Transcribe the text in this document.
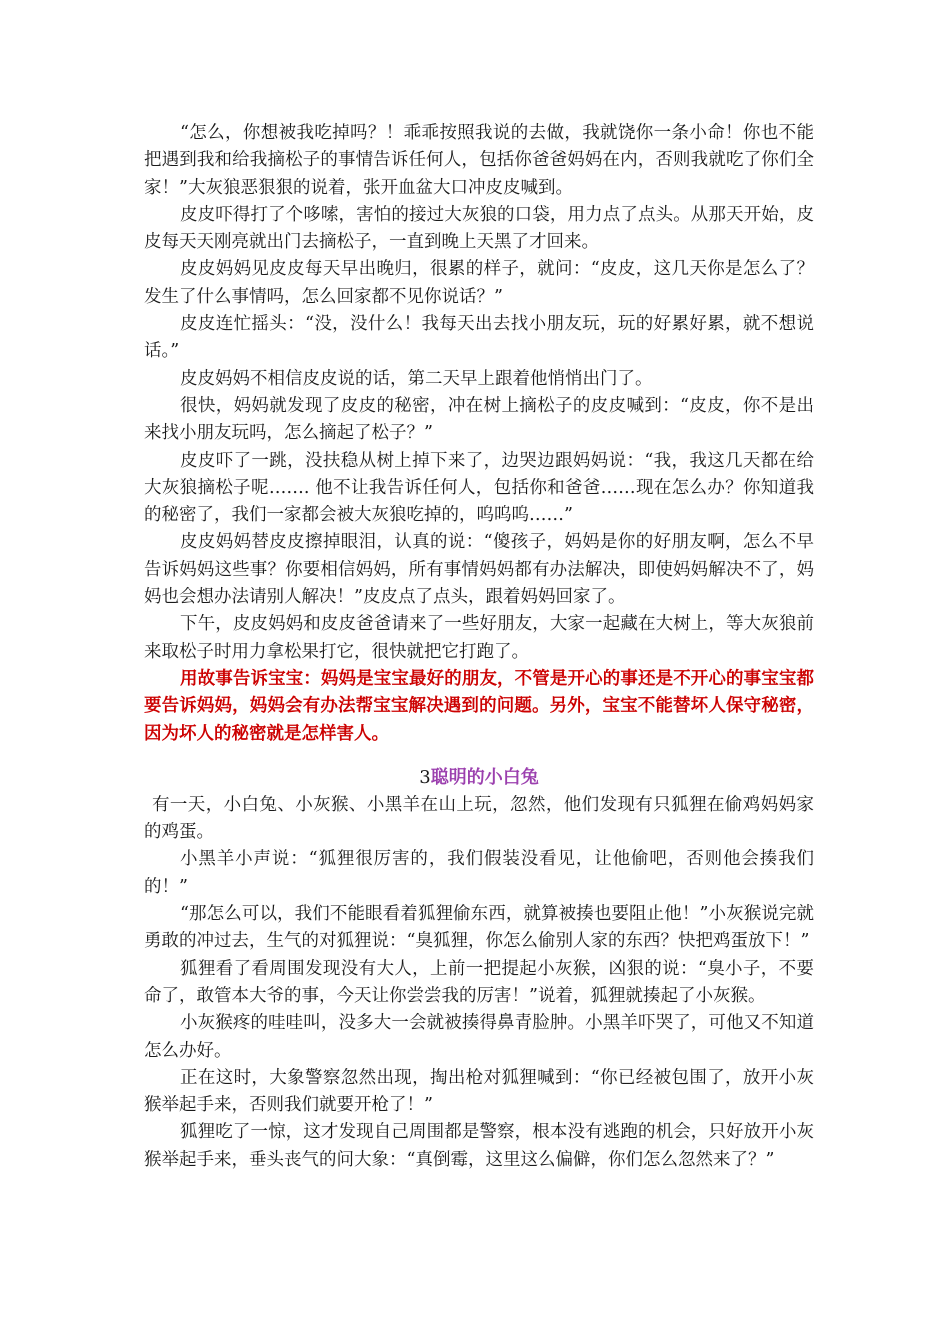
“怎么，你想被我吃掉吗？！乖乖按照我说的去做，我就饶你一条小命！你也不能把遇到我和给我摘松子的事情告诉任何人，包括你爸爸妈妈在内，否则我就吃了你们全家！”大灰狼恶狠狠的说着，张开血盆大口冲皮皮喊到。

皮皮吓得打了个哆嗦，害怕的接过大灰狼的口袋，用力点了点头。从那天开始，皮皮每天天刚亮就出门去摘松子，一直到晚上天黑了才回来。

皮皮妈妈见皮皮每天早出晚归，很累的样子，就问：“皮皮，这几天你是怎么了？发生了什么事情吗，怎么回家都不见你说话？”

皮皮连忙摇头：“没，没什么！我每天出去找小朋友玩，玩的好累好累，就不想说话。”

皮皮妈妈不相信皮皮说的话，第二天早上跟着他悄悄出门了。

很快，妈妈就发现了皮皮的秘密，冲在树上摘松子的皮皮喊到：“皮皮，你不是出来找小朋友玩吗，怎么摘起了松子？”

皮皮吓了一跳，没扶稳从树上掉下来了，边哭边跟妈妈说：“我，我这几天都在给大灰狼摘松子呢……. 他不让我告诉任何人，包括你和爸爸……现在怎么办？你知道我的秘密了，我们一家都会被大灰狼吃掉的，呜呜呜……”

皮皮妈妈替皮皮擦掉眼泪，认真的说：“傻孩子，妈妈是你的好朋友啊，怎么不早告诉妈妈这些事？你要相信妈妈，所有事情妈妈都有办法解决，即使妈妈解决不了，妈妈也会想办法请别人解决！”皮皮点了点头，跟着妈妈回家了。

下午，皮皮妈妈和皮皮爸爸请来了一些好朋友，大家一起藏在大树上，等大灰狼前来取松子时用力拿松果打它，很快就把它打跑了。

用故事告诉宝宝：妈妈是宝宝最好的朋友，不管是开心的事还是不开心的事宝宝都要告诉妈妈，妈妈会有办法帮宝宝解决遇到的问题。另外，宝宝不能替坏人保守秘密，因为坏人的秘密就是怎样害人。

3聪明的小白兔

有一天，小白兔、小灰猴、小黑羊在山上玩，忽然，他们发现有只狐狸在偷鸡妈妈家的鸡蛋。

小黑羊小声说：“狐狸很厉害的，我们假装没看见，让他偷吧，否则他会揍我们的！”

“那怎么可以，我们不能眼看着狐狸偷东西，就算被揍也要阻止他！”小灰猴说完就勇敢的冲过去，生气的对狐狸说：“臭狐狸，你怎么偷别人家的东西？快把鸡蛋放下！”

狐狸看了看周围发现没有大人，上前一把提起小灰猴，凶狠的说：“臭小子，不要命了，敢管本大爷的事，今天让你尝尝我的厉害！”说着，狐狸就揍起了小灰猴。

小灰猴疼的哇哇叫，没多大一会就被揍得鼻青脸肿。小黑羊吓哭了，可他又不知道怎么办好。

正在这时，大象警察忽然出现，掏出枪对狐狸喊到：“你已经被包围了，放开小灰猴举起手来，否则我们就要开枪了！”

狐狸吃了一惊，这才发现自己周围都是警察，根本没有逃跑的机会，只好放开小灰猴举起手来，垂头丧气的问大象：“真倒霉，这里这么偏僻，你们怎么忽然来了？”
